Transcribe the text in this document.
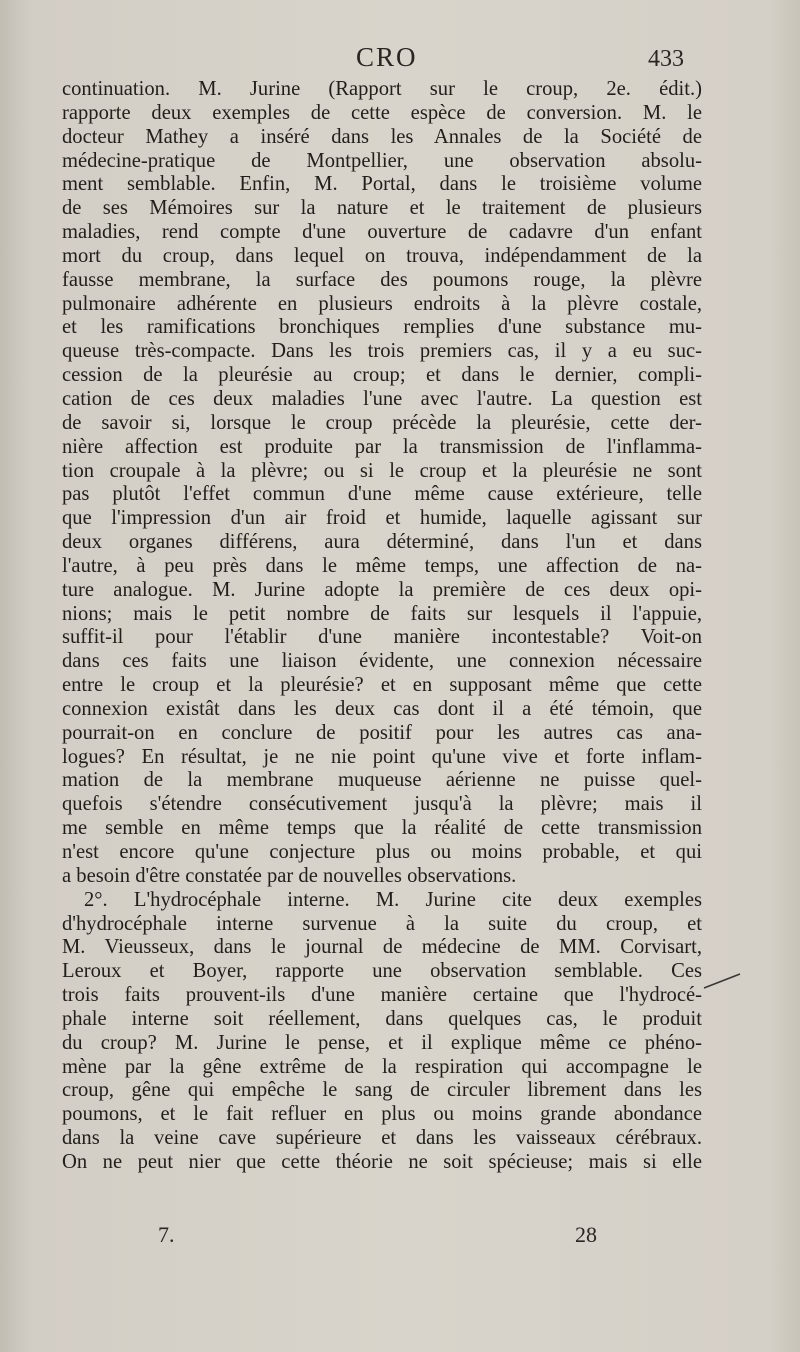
CRO	433
continuation. M. Jurine (Rapport sur le croup, 2e. édit.)
rapporte deux exemples de cette espèce de conversion. M. le
docteur Mathey a inséré dans les Annales de la Société de
médecine-pratique de Montpellier, une observation absolu-
ment semblable. Enfin, M. Portal, dans le troisième volume
de ses Mémoires sur la nature et le traitement de plusieurs
maladies, rend compte d'une ouverture de cadavre d'un enfant
mort du croup, dans lequel on trouva, indépendamment de la
fausse membrane, la surface des poumons rouge, la plèvre
pulmonaire adhérente en plusieurs endroits à la plèvre costale,
et les ramifications bronchiques remplies d'une substance mu-
queuse très-compacte. Dans les trois premiers cas, il y a eu suc-
cession de la pleurésie au croup; et dans le dernier, compli-
cation de ces deux maladies l'une avec l'autre. La question est
de savoir si, lorsque le croup précède la pleurésie, cette der-
nière affection est produite par la transmission de l'inflamma-
tion croupale à la plèvre; ou si le croup et la pleurésie ne sont
pas plutôt l'effet commun d'une même cause extérieure, telle
que l'impression d'un air froid et humide, laquelle agissant sur
deux organes différens, aura déterminé, dans l'un et dans
l'autre, à peu près dans le même temps, une affection de na-
ture analogue. M. Jurine adopte la première de ces deux opi-
nions; mais le petit nombre de faits sur lesquels il l'appuie,
suffit-il pour l'établir d'une manière incontestable? Voit-on
dans ces faits une liaison évidente, une connexion nécessaire
entre le croup et la pleurésie? et en supposant même que cette
connexion existât dans les deux cas dont il a été témoin, que
pourrait-on en conclure de positif pour les autres cas ana-
logues? En résultat, je ne nie point qu'une vive et forte inflam-
mation de la membrane muqueuse aérienne ne puisse quel-
quefois s'étendre consécutivement jusqu'à la plèvre; mais il
me semble en même temps que la réalité de cette transmission
n'est encore qu'une conjecture plus ou moins probable, et qui
a besoin d'être constatée par de nouvelles observations.
2°. L'hydrocéphale interne. M. Jurine cite deux exemples
d'hydrocéphale interne survenue à la suite du croup, et
M. Vieusseux, dans le journal de médecine de MM. Corvisart,
Leroux et Boyer, rapporte une observation semblable. Ces
trois faits prouvent-ils d'une manière certaine que l'hydrocé-
phale interne soit réellement, dans quelques cas, le produit
du croup? M. Jurine le pense, et il explique même ce phéno-
mène par la gêne extrême de la respiration qui accompagne le
croup, gêne qui empêche le sang de circuler librement dans les
poumons, et le fait refluer en plus ou moins grande abondance
dans la veine cave supérieure et dans les vaisseaux cérébraux.
On ne peut nier que cette théorie ne soit spécieuse; mais si elle
7.	28
